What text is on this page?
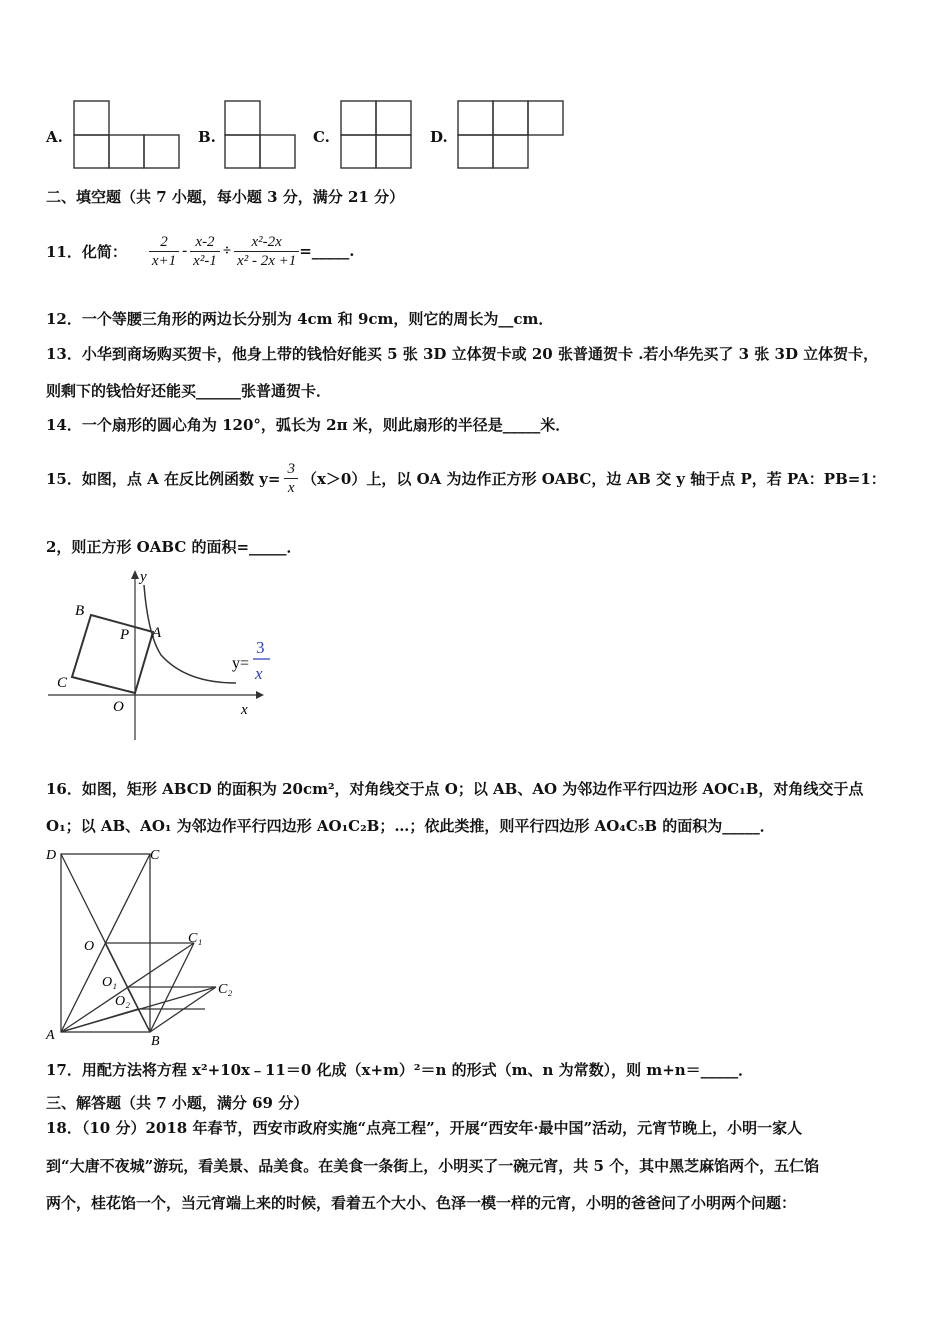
A.	B.	C.	D.
二、填空题（共 7 小题，每小题 3 分，满分 21 分）
11．化简： $\frac{2}{x+1} - \frac{x-2}{\text{x²-1}} \div \frac{\text{x²-2x}}{\text{x² - 2x +1}}$ =_____.
12．一个等腰三角形的两边长分别为 4cm 和 9cm，则它的周长为__cm．
13．小华到商场购买贺卡，他身上带的钱恰好能买 5 张 3D 立体贺卡或 20 张普通贺卡 .若小华先买了 3 张 3D 立体贺卡，
则剩下的钱恰好还能买______张普通贺卡．
14．一个扇形的圆心角为 120°，弧长为 2π 米，则此扇形的半径是_____米．
15．如图，点 A 在反比例函数 $y= \frac{3}{x} (x>0)$上，以 OA 为边作正方形 OABC，边 AB 交 y 轴于点 P，若 PA：PB=1：
2，则正方形 OABC 的面积=_____．
B
P A
C
O	x
y
y=
3
x
16．如图，矩形 ABCD 的面积为 20cm²，对角线交于点 O；以 AB、AO 为邻边作平行四边形 AOC₁B，对角线交于点
O₁；以 AB、AO₁ 为邻边作平行四边形 AO₁C₂B；…；依此类推，则平行四边形 AO₄C₅B 的面积为_____．
D	C
O
C₁
O₁
O₂
C₂
A	B
17．用配方法将方程 x²+10x﹣11＝0 化成（x+m）²＝n 的形式（m、n 为常数），则 m+n＝_____．
三、解答题（共 7 小题，满分 69 分）
18．（10 分）2018 年春节，西安市政府实施“点亮工程”，开展“西安年·最中国”活动，元宵节晚上，小明一家人
到“大唐不夜城”游玩，看美景、品美食。在美食一条街上，小明买了一碗元宵，共 5 个，其中黑芝麻馅两个，五仁馅
两个，桂花馅一个，当元宵端上来的时候，看着五个大小、色泽一模一样的元宵，小明的爸爸问了小明两个问题：
